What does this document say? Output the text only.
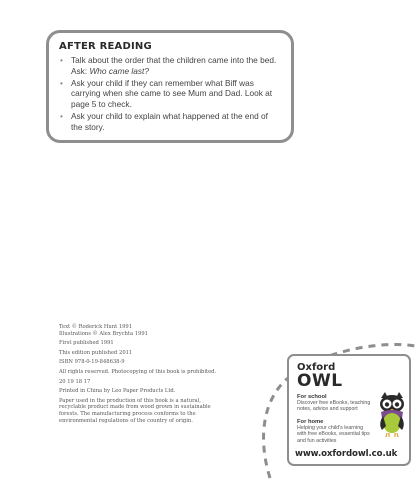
AFTER READING
• Talk about the order that the children came into the bed. Ask: Who came last?
• Ask your child if they can remember what Biff was carrying when she came to see Mum and Dad. Look at page 5 to check.
• Ask your child to explain what happened at the end of the story.

Text © Roderick Hunt 1991
Illustrations © Alex Brychta 1991

First published 1991

This edition published 2011

ISBN 978-0-19-848638-9

All rights reserved. Photocopying of this book is prohibited.

20 19 18 17

Printed in China by Leo Paper Products Ltd.

Paper used in the production of this book is a natural, recyclable product made from wood grown in sustainable forests. The manufacturing process conforms to the environmental regulations of the country of origin.

Oxford
OWL
For school
Discover free eBooks, teaching notes, advice and support
For home
Helping your child's learning with free eBooks, essential tips and fun activities
www.oxfordowl.co.uk
